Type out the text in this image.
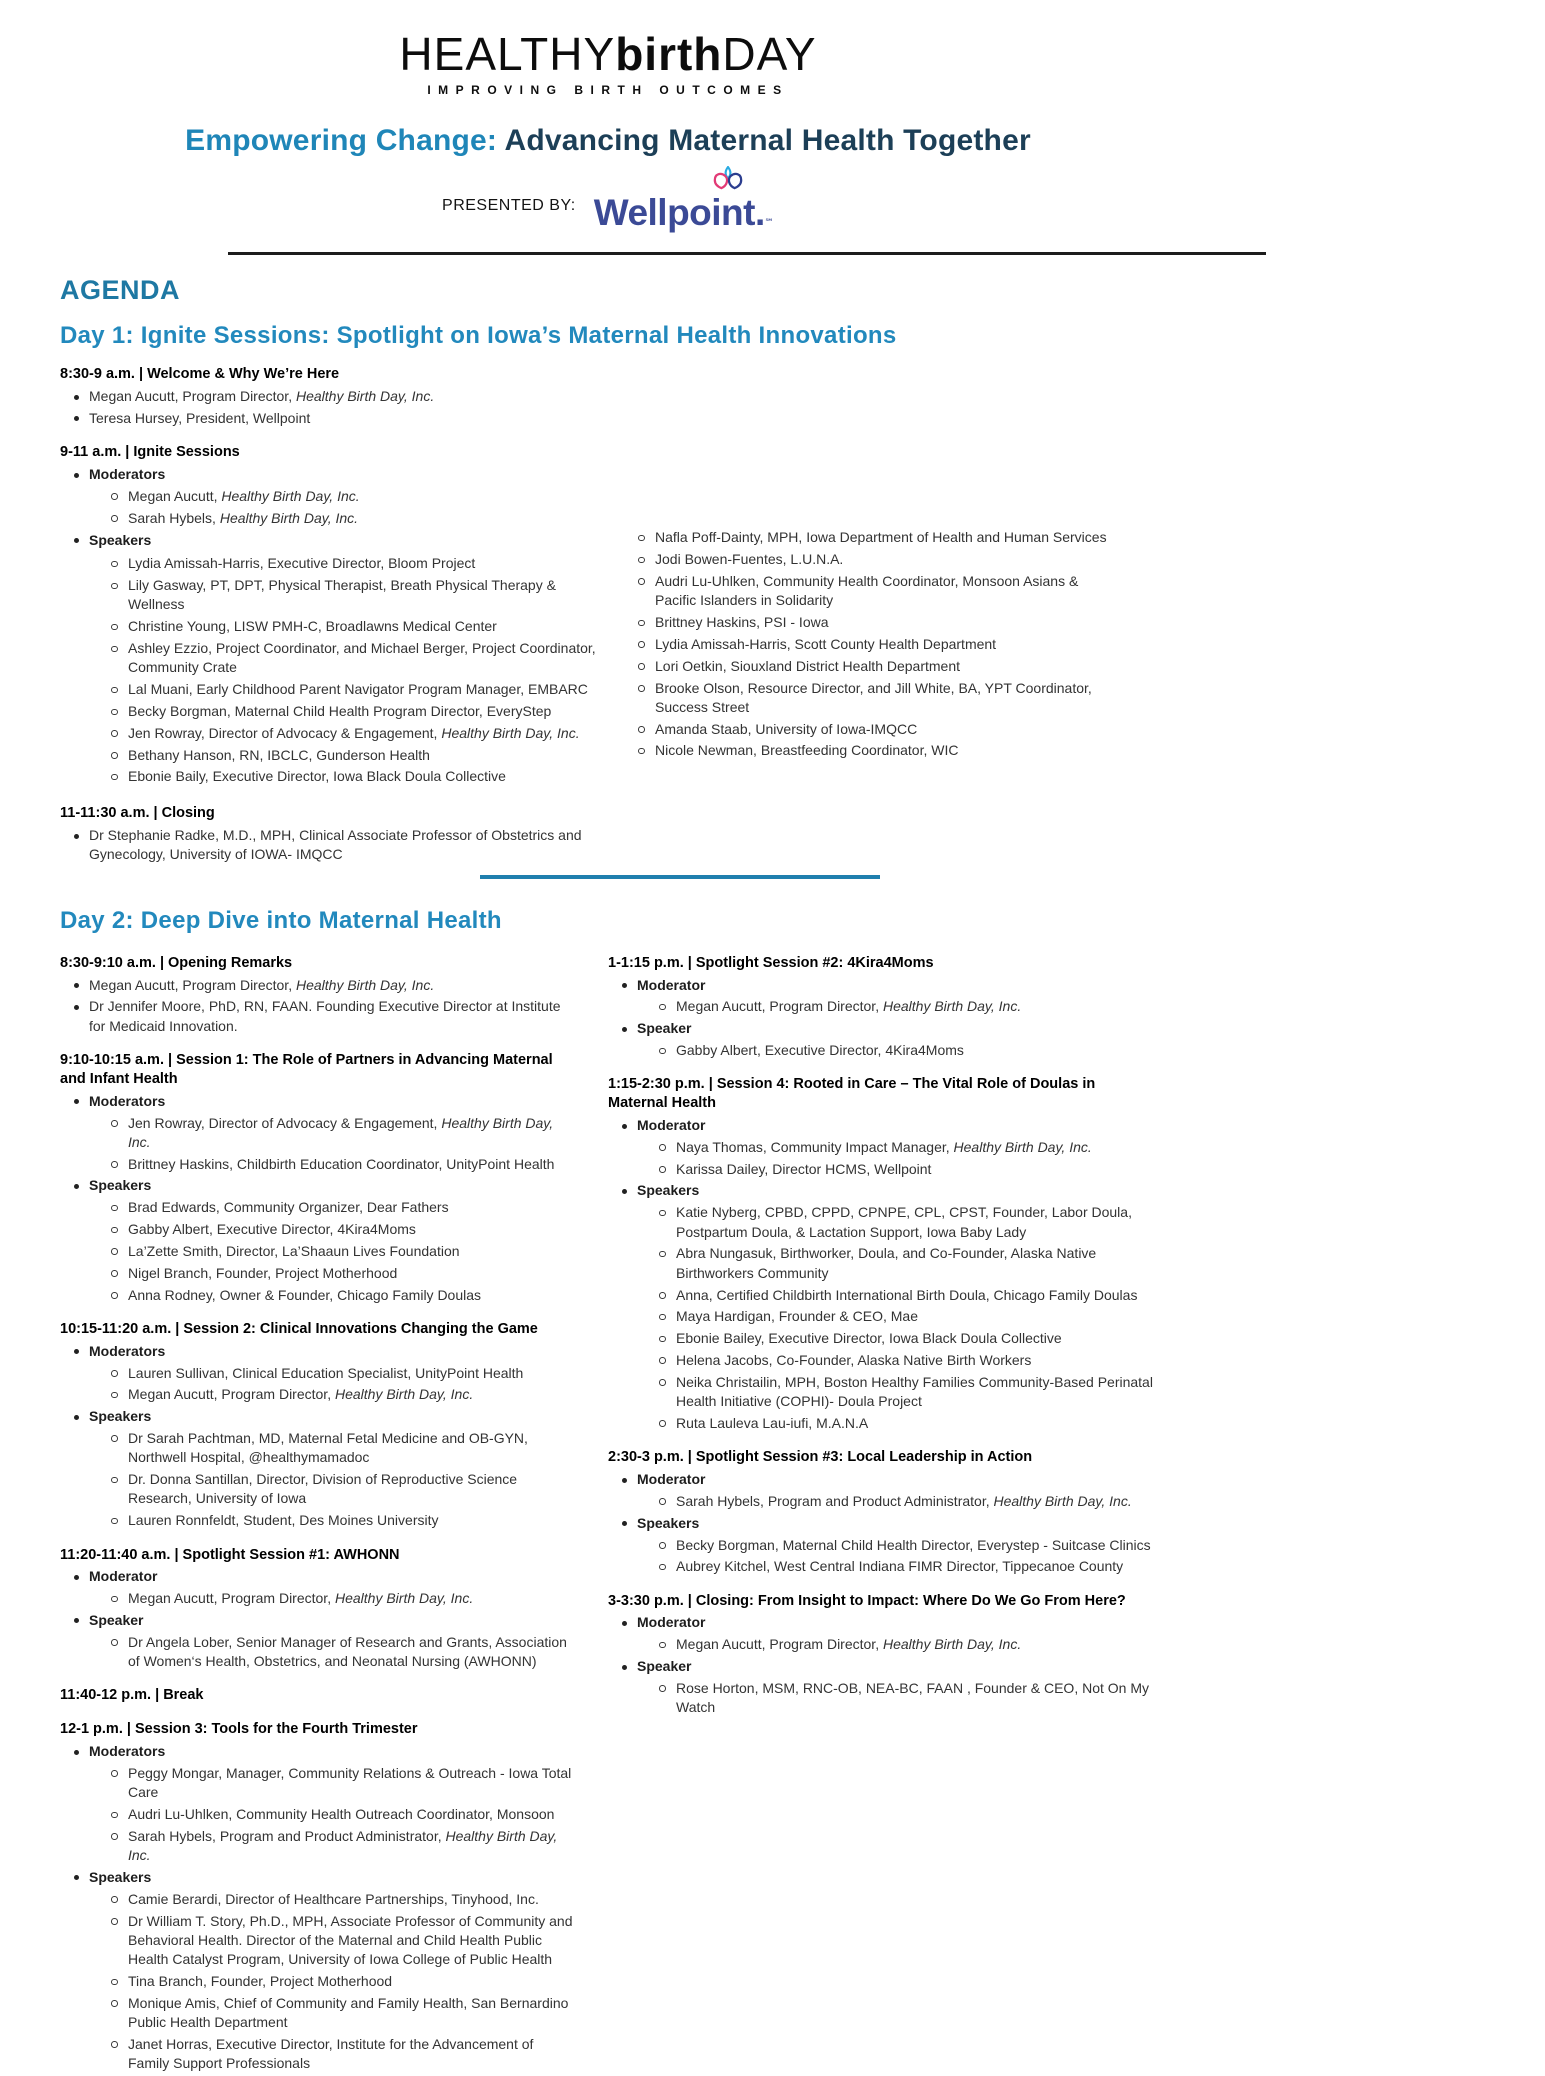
HEALTHYbirthDAY
IMPROVING BIRTH OUTCOMES
Empowering Change: Advancing Maternal Health Together
PRESENTED BY: Wellpoint.℠
AGENDA
Day 1: Ignite Sessions: Spotlight on Iowa’s Maternal Health Innovations
8:30-9 a.m. | Welcome & Why We’re Here
Megan Aucutt, Program Director, Healthy Birth Day, Inc.
Teresa Hursey, President, Wellpoint
9-11 a.m. | Ignite Sessions
Moderators
Megan Aucutt, Healthy Birth Day, Inc.
Sarah Hybels, Healthy Birth Day, Inc.
Speakers
Lydia Amissah-Harris, Executive Director, Bloom Project
Lily Gasway, PT, DPT, Physical Therapist, Breath Physical Therapy & Wellness
Christine Young, LISW PMH-C, Broadlawns Medical Center
Ashley Ezzio, Project Coordinator, and Michael Berger, Project Coordinator, Community Crate
Lal Muani, Early Childhood Parent Navigator Program Manager, EMBARC
Becky Borgman, Maternal Child Health Program Director, EveryStep
Jen Rowray, Director of Advocacy & Engagement, Healthy Birth Day, Inc.
Bethany Hanson, RN, IBCLC, Gunderson Health
Ebonie Baily, Executive Director, Iowa Black Doula Collective
Nafla Poff-Dainty, MPH, Iowa Department of Health and Human Services
Jodi Bowen-Fuentes, L.U.N.A.
Audri Lu-Uhlken, Community Health Coordinator, Monsoon Asians & Pacific Islanders in Solidarity
Brittney Haskins, PSI - Iowa
Lydia Amissah-Harris, Scott County Health Department
Lori Oetkin, Siouxland District Health Department
Brooke Olson, Resource Director, and Jill White, BA, YPT Coordinator, Success Street
Amanda Staab, University of Iowa-IMQCC
Nicole Newman, Breastfeeding Coordinator, WIC
11-11:30 a.m. | Closing
Dr Stephanie Radke, M.D., MPH, Clinical Associate Professor of Obstetrics and Gynecology, University of IOWA- IMQCC
Day 2: Deep Dive into Maternal Health
8:30-9:10 a.m. | Opening Remarks
Megan Aucutt, Program Director, Healthy Birth Day, Inc.
Dr Jennifer Moore, PhD, RN, FAAN. Founding Executive Director at Institute for Medicaid Innovation.
9:10-10:15 a.m. | Session 1: The Role of Partners in Advancing Maternal and Infant Health
Moderators
Jen Rowray, Director of Advocacy & Engagement, Healthy Birth Day, Inc.
Brittney Haskins, Childbirth Education Coordinator, UnityPoint Health
Speakers
Brad Edwards, Community Organizer, Dear Fathers
Gabby Albert, Executive Director, 4Kira4Moms
La’Zette Smith, Director, La’Shaaun Lives Foundation
Nigel Branch, Founder, Project Motherhood
Anna Rodney, Owner & Founder, Chicago Family Doulas
10:15-11:20 a.m. | Session 2: Clinical Innovations Changing the Game
Moderators
Lauren Sullivan, Clinical Education Specialist, UnityPoint Health
Megan Aucutt, Program Director, Healthy Birth Day, Inc.
Speakers
Dr Sarah Pachtman, MD, Maternal Fetal Medicine and OB-GYN, Northwell Hospital, @healthymamadoc
Dr. Donna Santillan, Director, Division of Reproductive Science Research, University of Iowa
Lauren Ronnfeldt, Student, Des Moines University
11:20-11:40 a.m. | Spotlight Session #1: AWHONN
Moderator
Megan Aucutt, Program Director, Healthy Birth Day, Inc.
Speaker
Dr Angela Lober, Senior Manager of Research and Grants, Association of Women‘s Health, Obstetrics, and Neonatal Nursing (AWHONN)
11:40-12 p.m. | Break
12-1 p.m. | Session 3: Tools for the Fourth Trimester
Moderators
Peggy Mongar, Manager, Community Relations & Outreach - Iowa Total Care
Audri Lu-Uhlken, Community Health Outreach Coordinator, Monsoon
Sarah Hybels, Program and Product Administrator, Healthy Birth Day, Inc.
Speakers
Camie Berardi, Director of Healthcare Partnerships, Tinyhood, Inc.
Dr William T. Story, Ph.D., MPH, Associate Professor of Community and Behavioral Health. Director of the Maternal and Child Health Public Health Catalyst Program, University of Iowa College of Public Health
Tina Branch, Founder, Project Motherhood
Monique Amis, Chief of Community and Family Health, San Bernardino Public Health Department
Janet Horras, Executive Director, Institute for the Advancement of Family Support Professionals
1-1:15 p.m. | Spotlight Session #2: 4Kira4Moms
Moderator
Megan Aucutt, Program Director, Healthy Birth Day, Inc.
Speaker
Gabby Albert, Executive Director, 4Kira4Moms
1:15-2:30 p.m. | Session 4: Rooted in Care – The Vital Role of Doulas in Maternal Health
Moderator
Naya Thomas, Community Impact Manager, Healthy Birth Day, Inc.
Karissa Dailey, Director HCMS, Wellpoint
Speakers
Katie Nyberg, CPBD, CPPD, CPNPE, CPL, CPST, Founder, Labor Doula, Postpartum Doula, & Lactation Support, Iowa Baby Lady
Abra Nungasuk, Birthworker, Doula, and Co-Founder, Alaska Native Birthworkers Community
Anna, Certified Childbirth International Birth Doula, Chicago Family Doulas
Maya Hardigan, Frounder & CEO, Mae
Ebonie Bailey, Executive Director, Iowa Black Doula Collective
Helena Jacobs, Co-Founder, Alaska Native Birth Workers
Neika Christailin, MPH, Boston Healthy Families Community-Based Perinatal Health Initiative (COPHI)- Doula Project
Ruta Lauleva Lau-iufi, M.A.N.A
2:30-3 p.m. | Spotlight Session #3: Local Leadership in Action
Moderator
Sarah Hybels, Program and Product Administrator, Healthy Birth Day, Inc.
Speakers
Becky Borgman, Maternal Child Health Director, Everystep - Suitcase Clinics
Aubrey Kitchel, West Central Indiana FIMR Director, Tippecanoe County
3-3:30 p.m. | Closing: From Insight to Impact: Where Do We Go From Here?
Moderator
Megan Aucutt, Program Director, Healthy Birth Day, Inc.
Speaker
Rose Horton, MSM, RNC-OB, NEA-BC, FAAN , Founder & CEO, Not On My Watch
